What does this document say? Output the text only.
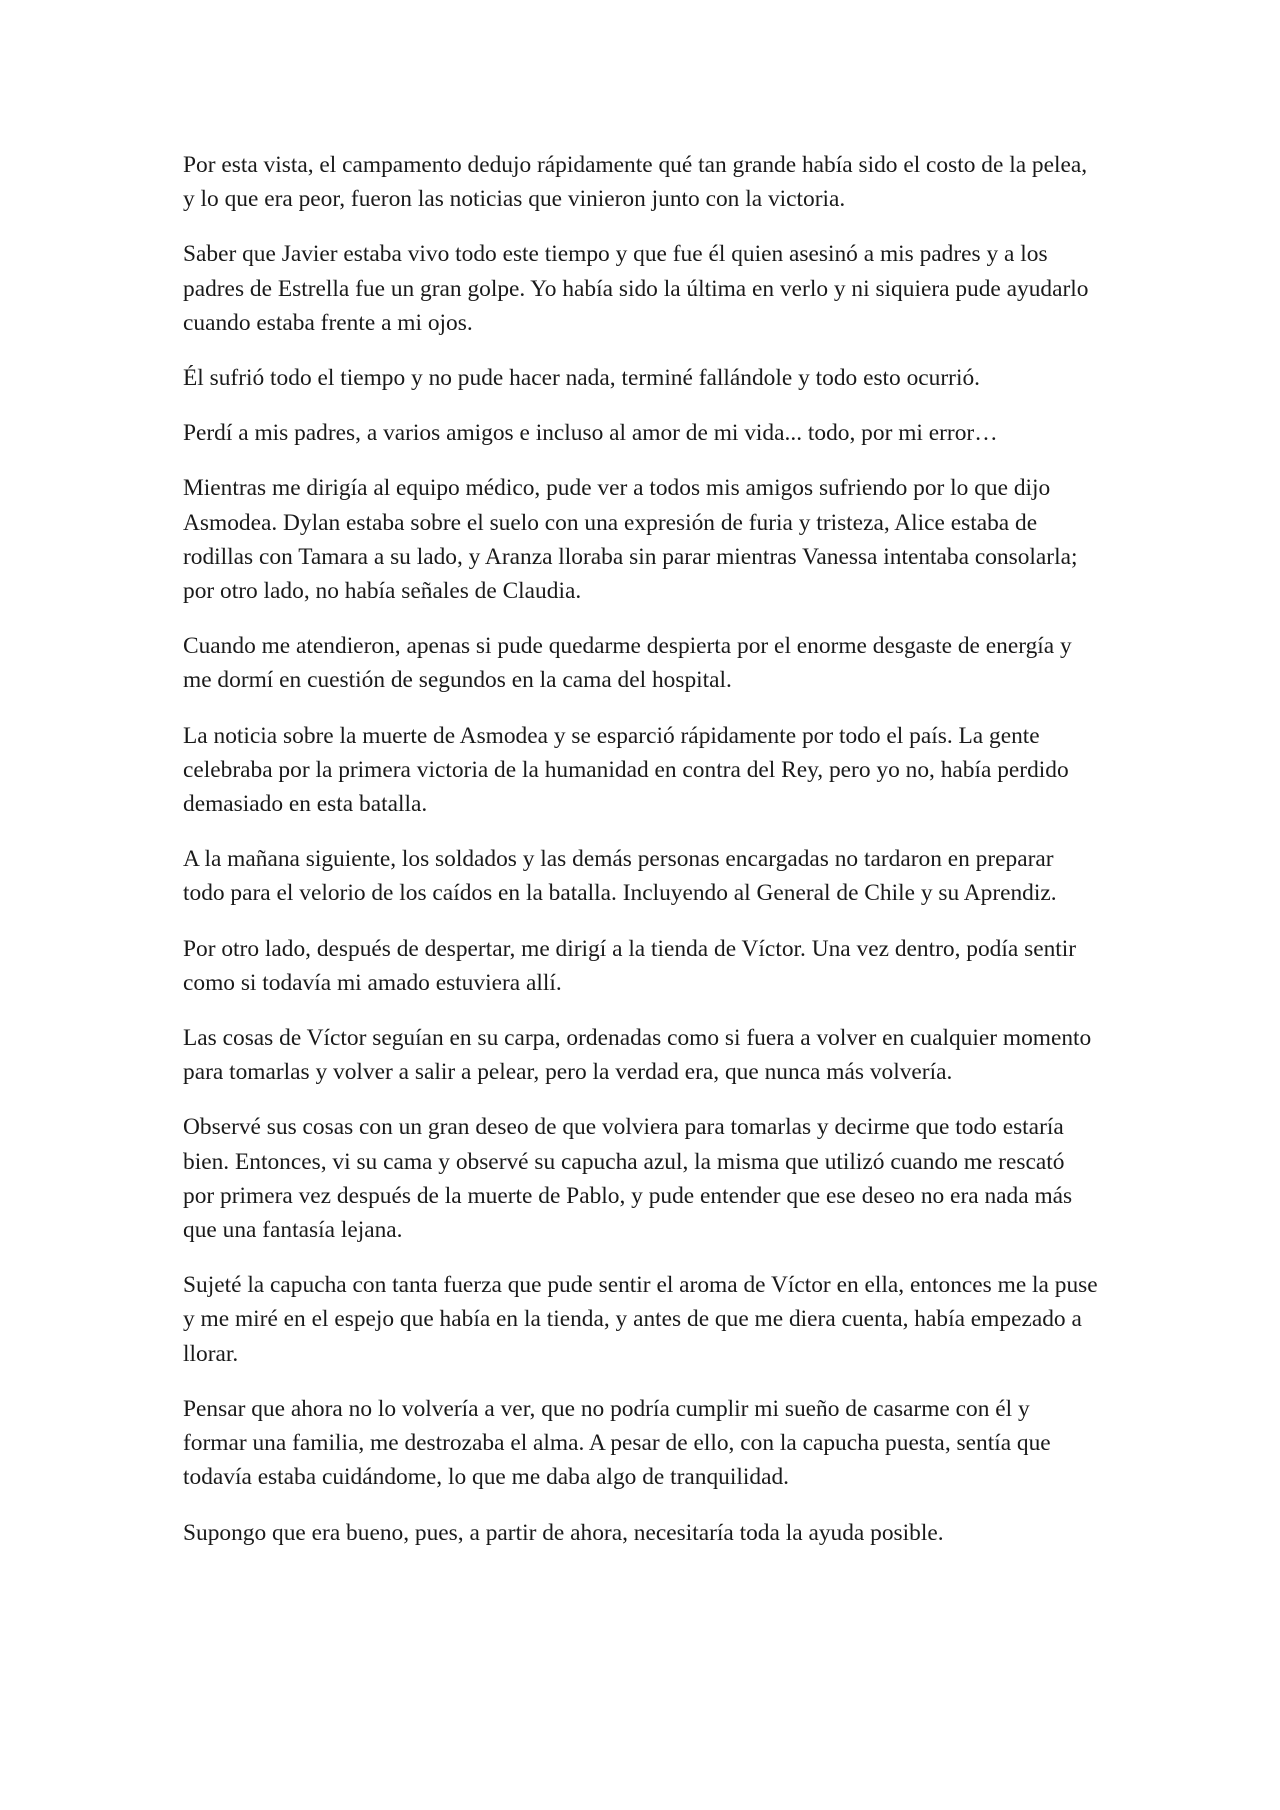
Por esta vista, el campamento dedujo rápidamente qué tan grande había sido el costo de la pelea, y lo que era peor, fueron las noticias que vinieron junto con la victoria.

Saber que Javier estaba vivo todo este tiempo y que fue él quien asesinó a mis padres y a los padres de Estrella fue un gran golpe. Yo había sido la última en verlo y ni siquiera pude ayudarlo cuando estaba frente a mi ojos.

Él sufrió todo el tiempo y no pude hacer nada, terminé fallándole y todo esto ocurrió.

Perdí a mis padres, a varios amigos e incluso al amor de mi vida... todo, por mi error…

Mientras me dirigía al equipo médico, pude ver a todos mis amigos sufriendo por lo que dijo Asmodea. Dylan estaba sobre el suelo con una expresión de furia y tristeza, Alice estaba de rodillas con Tamara a su lado, y Aranza lloraba sin parar mientras Vanessa intentaba consolarla; por otro lado, no había señales de Claudia.

Cuando me atendieron, apenas si pude quedarme despierta por el enorme desgaste de energía y me dormí en cuestión de segundos en la cama del hospital.

La noticia sobre la muerte de Asmodea y se esparció rápidamente por todo el país. La gente celebraba por la primera victoria de la humanidad en contra del Rey, pero yo no, había perdido demasiado en esta batalla.

A la mañana siguiente, los soldados y las demás personas encargadas no tardaron en preparar todo para el velorio de los caídos en la batalla. Incluyendo al General de Chile y su Aprendiz.

Por otro lado, después de despertar, me dirigí a la tienda de Víctor. Una vez dentro, podía sentir como si todavía mi amado estuviera allí.

Las cosas de Víctor seguían en su carpa, ordenadas como si fuera a volver en cualquier momento para tomarlas y volver a salir a pelear, pero la verdad era, que nunca más volvería.

Observé sus cosas con un gran deseo de que volviera para tomarlas y decirme que todo estaría bien. Entonces, vi su cama y observé su capucha azul, la misma que utilizó cuando me rescató por primera vez después de la muerte de Pablo, y pude entender que ese deseo no era nada más que una fantasía lejana.

Sujeté la capucha con tanta fuerza que pude sentir el aroma de Víctor en ella, entonces me la puse y me miré en el espejo que había en la tienda, y antes de que me diera cuenta, había empezado a llorar.

Pensar que ahora no lo volvería a ver, que no podría cumplir mi sueño de casarme con él y formar una familia, me destrozaba el alma. A pesar de ello, con la capucha puesta, sentía que todavía estaba cuidándome, lo que me daba algo de tranquilidad.

Supongo que era bueno, pues, a partir de ahora, necesitaría toda la ayuda posible.
